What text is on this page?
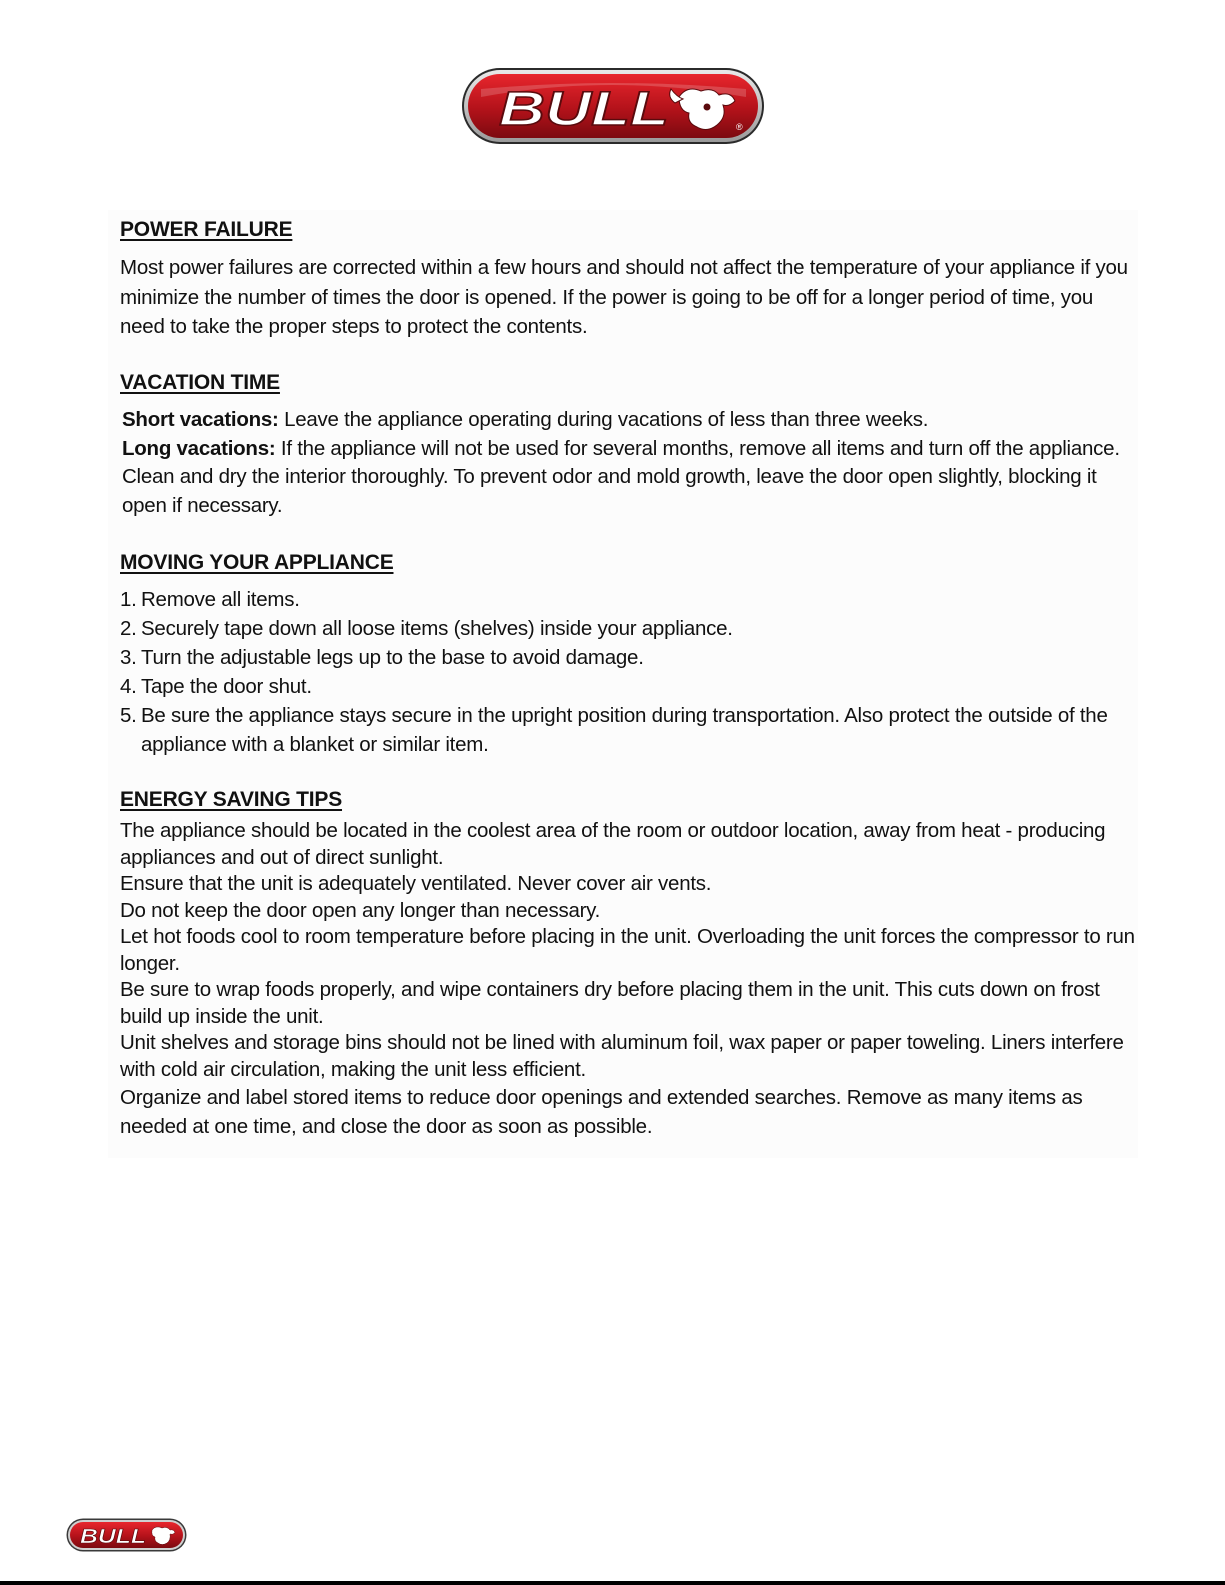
BULL	®
POWER FAILURE

Most power failures are corrected within a few hours and should not affect the temperature of your appliance if you minimize the number of times the door is opened. If the power is going to be off for a longer period of time, you need to take the proper steps to protect the contents.

VACATION TIME

Short vacations: Leave the appliance operating during vacations of less than three weeks.
Long vacations: If the appliance will not be used for several months, remove all items and turn off the appliance. Clean and dry the interior thoroughly. To prevent odor and mold growth, leave the door open slightly, blocking it open if necessary.

MOVING YOUR APPLIANCE
1. Remove all items.
2. Securely tape down all loose items (shelves) inside your appliance.
3. Turn the adjustable legs up to the base to avoid damage.
4. Tape the door shut.
5. Be sure the appliance stays secure in the upright position during transportation. Also protect the outside of the appliance with a blanket or similar item.
ENERGY SAVING TIPS

The appliance should be located in the coolest area of the room or outdoor location, away from heat - producing appliances and out of direct sunlight.

Ensure that the unit is adequately ventilated. Never cover air vents.

Do not keep the door open any longer than necessary.

Let hot foods cool to room temperature before placing in the unit. Overloading the unit forces the compressor to run longer.

Be sure to wrap foods properly, and wipe containers dry before placing them in the unit. This cuts down on frost build up inside the unit.

Unit shelves and storage bins should not be lined with aluminum foil, wax paper or paper toweling. Liners interfere with cold air circulation, making the unit less efficient.

Organize and label stored items to reduce door openings and extended searches. Remove as many items as needed at one time, and close the door as soon as possible.

BULL
